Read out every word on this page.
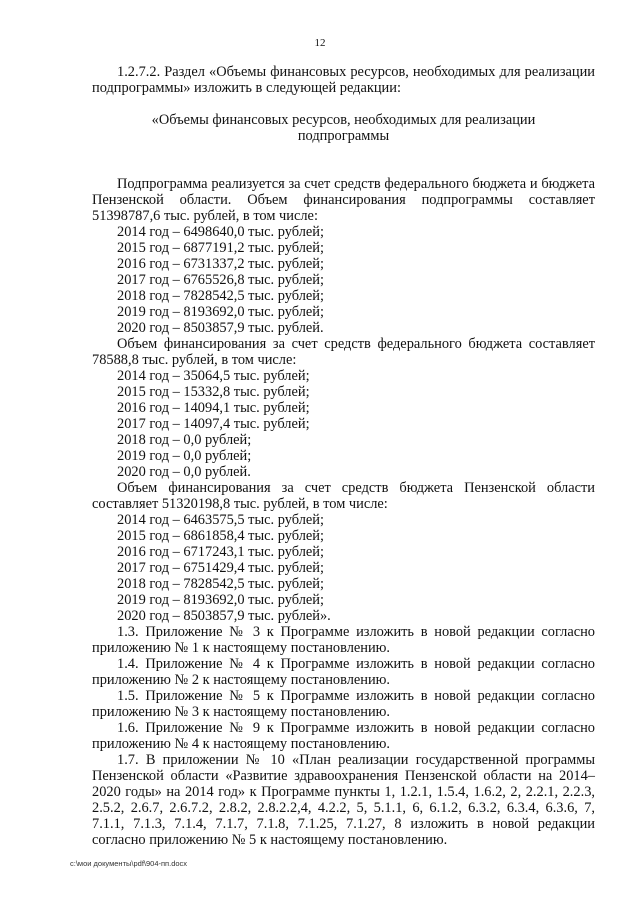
12

1.2.7.2. Раздел «Объемы финансовых ресурсов, необходимых для реализации подпрограммы» изложить в следующей редакции:

«Объемы финансовых ресурсов, необходимых для реализации
подпрограммы

Подпрограмма реализуется за счет средств федерального бюджета и бюджета Пензенской области. Объем финансирования подпрограммы составляет 51398787,6 тыс. рублей, в том числе:

2014 год – 6498640,0 тыс. рублей;

2015 год – 6877191,2 тыс. рублей;

2016 год – 6731337,2 тыс. рублей;

2017 год – 6765526,8 тыс. рублей;

2018 год – 7828542,5 тыс. рублей;

2019 год – 8193692,0 тыс. рублей;

2020 год – 8503857,9 тыс. рублей.

Объем финансирования за счет средств федерального бюджета составляет 78588,8 тыс. рублей, в том числе:

2014 год – 35064,5 тыс. рублей;

2015 год – 15332,8 тыс. рублей;

2016 год – 14094,1 тыс. рублей;

2017 год – 14097,4 тыс. рублей;

2018 год – 0,0 рублей;

2019 год – 0,0 рублей;

2020 год – 0,0 рублей.

Объем финансирования за счет средств бюджета Пензенской области составляет 51320198,8 тыс. рублей, в том числе:

2014 год – 6463575,5 тыс. рублей;

2015 год – 6861858,4 тыс. рублей;

2016 год – 6717243,1 тыс. рублей;

2017 год – 6751429,4 тыс. рублей;

2018 год – 7828542,5 тыс. рублей;

2019 год – 8193692,0 тыс. рублей;

2020 год – 8503857,9 тыс. рублей».

1.3. Приложение № 3 к Программе изложить в новой редакции согласно приложению № 1 к настоящему постановлению.

1.4. Приложение № 4 к Программе изложить в новой редакции согласно приложению № 2 к настоящему постановлению.

1.5. Приложение № 5 к Программе изложить в новой редакции согласно приложению № 3 к настоящему постановлению.

1.6. Приложение № 9 к Программе изложить в новой редакции согласно приложению № 4 к настоящему постановлению.

1.7. В приложении № 10 «План реализации государственной программы Пензенской области «Развитие здравоохранения Пензенской области на 2014–2020 годы» на 2014 год» к Программе пункты 1, 1.2.1, 1.5.4, 1.6.2, 2, 2.2.1, 2.2.3, 2.5.2, 2.6.7, 2.6.7.2, 2.8.2, 2.8.2.2,4, 4.2.2, 5, 5.1.1, 6, 6.1.2, 6.3.2, 6.3.4, 6.3.6, 7, 7.1.1, 7.1.3, 7.1.4, 7.1.7, 7.1.8, 7.1.25, 7.1.27, 8 изложить в новой редакции согласно приложению № 5 к настоящему постановлению.

c:\мои документы\pdf\904-пп.docx
